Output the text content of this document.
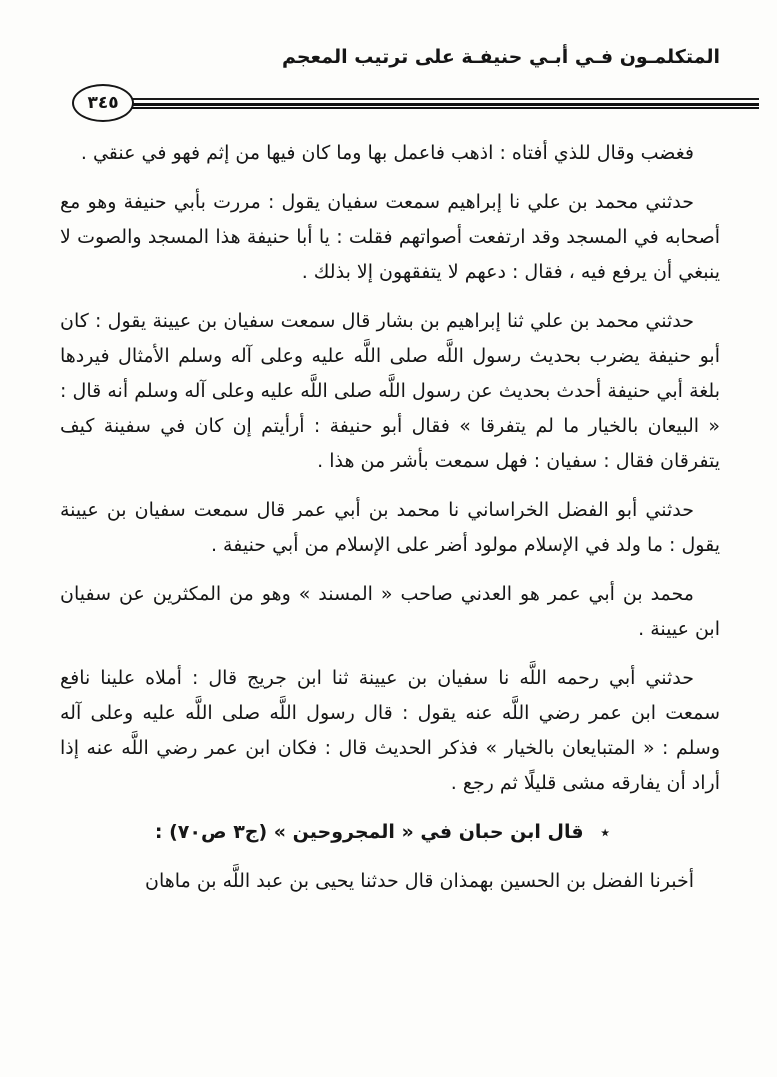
المتكلمـون فـي أبـي حنيفـة على ترتيب المعجم
٣٤٥

فغضب وقال للذي أفتاه : اذهب فاعمل بها وما كان فيها من إثم فهو في عنقي .

حدثني محمد بن علي نا إبراهيم سمعت سفيان يقول : مررت بأبي حنيفة وهو مع أصحابه في المسجد وقد ارتفعت أصواتهم فقلت : يا أبا حنيفة هذا المسجد والصوت لا ينبغي أن يرفع فيه ، فقال : دعهم لا يتفقهون إلا بذلك .

حدثني محمد بن علي ثنا إبراهيم بن بشار قال سمعت سفيان بن عيينة يقول : كان أبو حنيفة يضرب بحديث رسول اللَّه صلى اللَّه عليه وعلى آله وسلم الأمثال فيردها بلغة أبي حنيفة أحدث بحديث عن رسول اللَّه صلى اللَّه عليه وعلى آله وسلم أنه قال : « البيعان بالخيار ما لم يتفرقا » فقال أبو حنيفة : أرأيتم إن كان في سفينة كيف يتفرقان فقال : سفيان : فهل سمعت بأشر من هذا .

حدثني أبو الفضل الخراساني نا محمد بن أبي عمر قال سمعت سفيان بن عيينة يقول : ما ولد في الإسلام مولود أضر على الإسلام من أبي حنيفة .

محمد بن أبي عمر هو العدني صاحب « المسند » وهو من المكثرين عن سفيان ابن عيينة .

حدثني أبي رحمه اللَّه نا سفيان بن عيينة ثنا ابن جريج قال : أملاه علينا نافع سمعت ابن عمر رضي اللَّه عنه يقول : قال رسول اللَّه صلى اللَّه عليه وعلى آله وسلم : « المتبايعان بالخيار » فذكر الحديث قال : فكان ابن عمر رضي اللَّه عنه إذا أراد أن يفارقه مشى قليلًا ثم رجع .

٭ قال ابن حبان في « المجروحين » (ج٣ ص٧٠) :

أخبرنا الفضل بن الحسين بهمذان قال حدثنا يحيى بن عبد اللَّه بن ماهان
